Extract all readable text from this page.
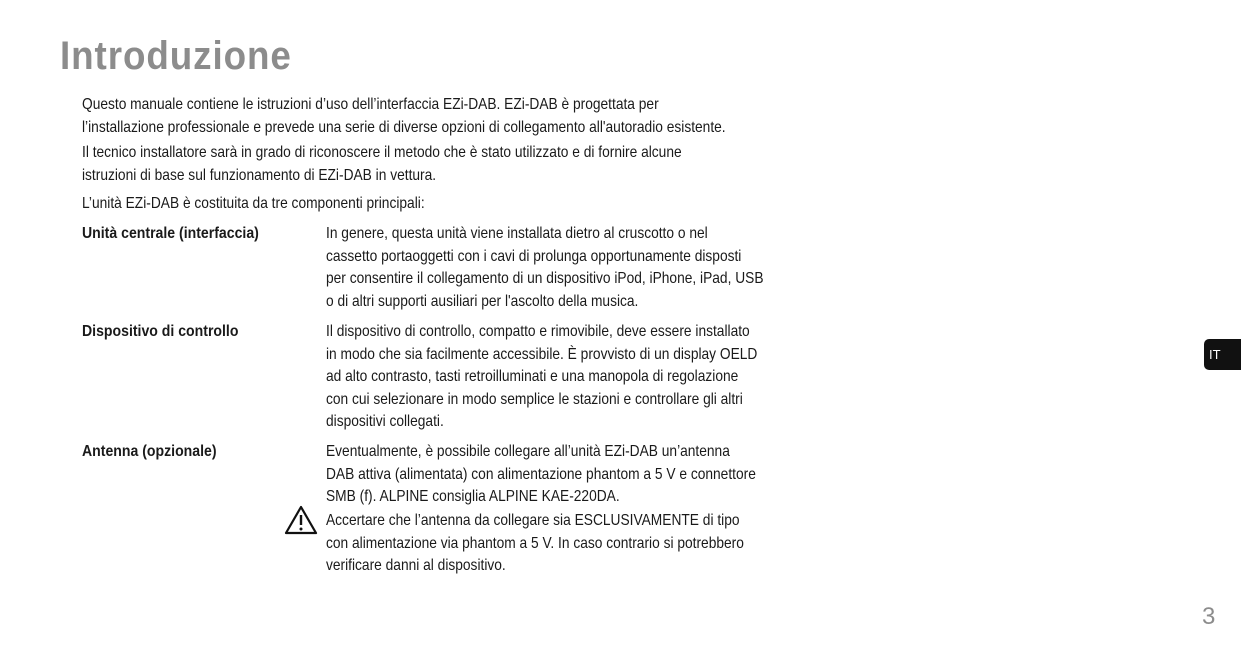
Introduzione
Questo manuale contiene le istruzioni d’uso dell’interfaccia EZi-DAB. EZi-DAB è progettata per
l’installazione professionale e prevede una serie di diverse opzioni di collegamento all'autoradio esistente.
Il tecnico installatore sarà in grado di riconoscere il metodo che è stato utilizzato e di fornire alcune
istruzioni di base sul funzionamento di EZi-DAB in vettura.
L’unità EZi-DAB è costituita da tre componenti principali:
Unità centrale (interfaccia)	In genere, questa unità viene installata dietro al cruscotto o nel
cassetto portaoggetti con i cavi di prolunga opportunamente disposti
per consentire il collegamento di un dispositivo iPod, iPhone, iPad, USB
o di altri supporti ausiliari per l'ascolto della musica.
Dispositivo di controllo	Il dispositivo di controllo, compatto e rimovibile, deve essere installato
in modo che sia facilmente accessibile. È provvisto di un display OELD
ad alto contrasto, tasti retroilluminati e una manopola di regolazione
con cui selezionare in modo semplice le stazioni e controllare gli altri
dispositivi collegati.
Antenna (opzionale)	Eventualmente, è possibile collegare all’unità EZi-DAB un’antenna
DAB attiva (alimentata) con alimentazione phantom a 5 V e connettore
SMB (f). ALPINE consiglia ALPINE KAE-220DA.
Accertare che l’antenna da collegare sia ESCLUSIVAMENTE di tipo
con alimentazione via phantom a 5 V. In caso contrario si potrebbero
verificare danni al dispositivo.
IT
3
